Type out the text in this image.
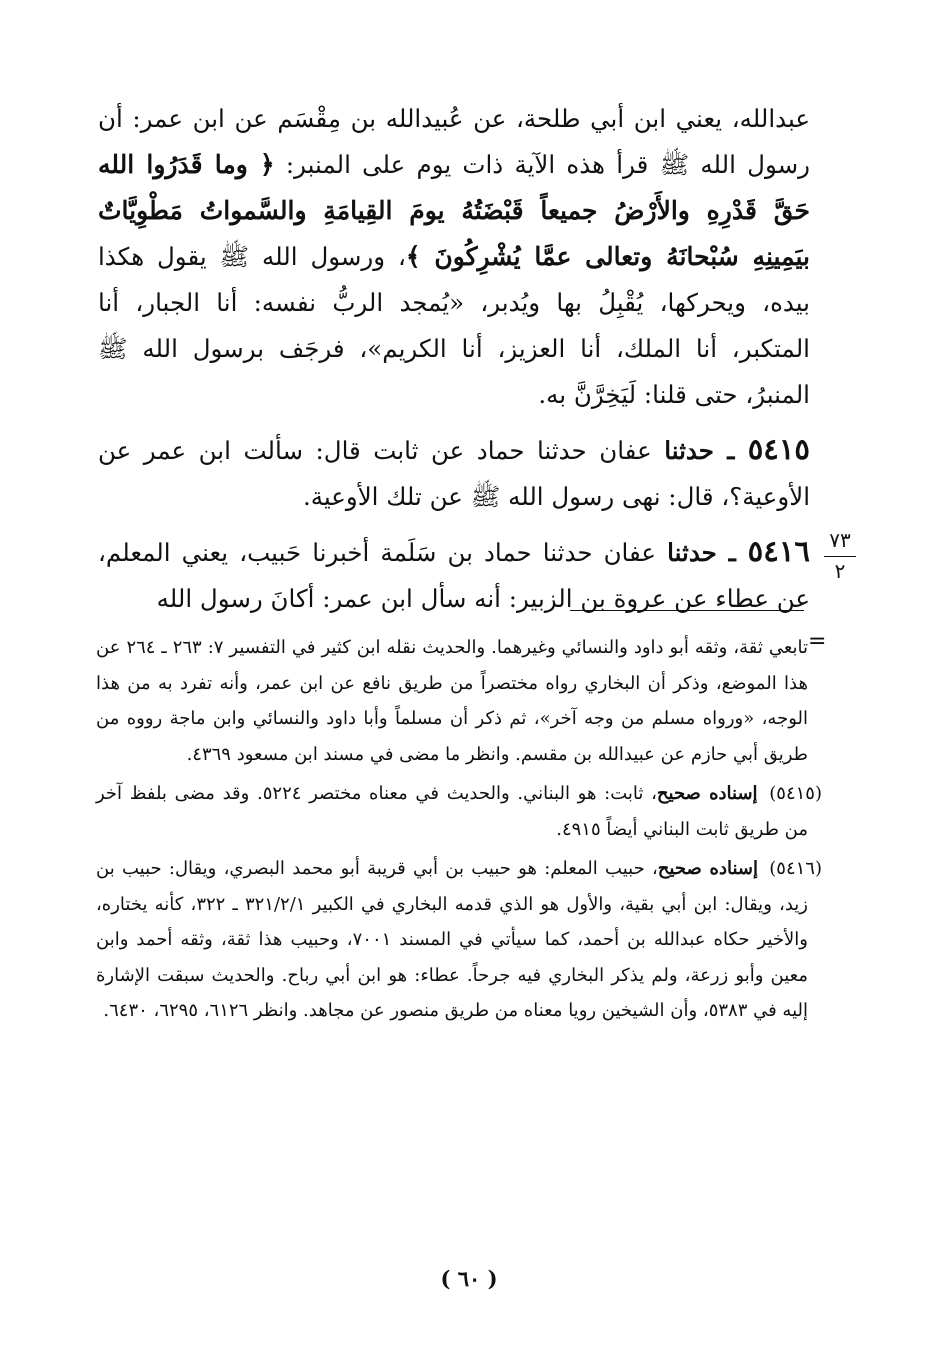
عبدالله، يعني ابن أبي طلحة، عن عُبيدالله بن مِقْسَم عن ابن عمر: أن رسول الله ﷺ قرأ هذه الآية ذات يوم على المنبر: ﴿ وما قَدَرُوا الله حَقَّ قَدْرِهِ والأَرْضُ جميعاً قَبْضَتُهُ يومَ القِيامَةِ والسَّمواتُ مَطْوِيَّاتٌ بيَمِينِهِ سُبْحانَهُ وتعالى عمَّا يُشْرِكُونَ ﴾، ورسول الله ﷺ يقول هكذا بيده، ويحركها، يُقْبِلُ بها ويُدبر، «يُمجد الربُّ نفسه: أنا الجبار، أنا المتكبر، أنا الملك، أنا العزيز، أنا الكريم»، فرجَف برسول الله ﷺ المنبرُ، حتى قلنا: لَيَخِرَّنَّ به.

٥٤١٥ ـ حدثنا عفان حدثنا حماد عن ثابت قال: سألت ابن عمر عن الأوعية؟، قال: نهى رسول الله ﷺ عن تلك الأوعية.

٥٤١٦ ـ حدثنا عفان حدثنا حماد بن سَلَمة أخبرنا حَبيب، يعني المعلم، عن عطاء عن عروة بن الزبير: أنه سأل ابن عمر: أكانَ رسول الله

٧٣
٢
=

تابعي ثقة، وثقه أبو داود والنسائي وغيرهما. والحديث نقله ابن كثير في التفسير ٧: ٢٦٣ ـ ٢٦٤ عن هذا الموضع، وذكر أن البخاري رواه مختصراً من طريق نافع عن ابن عمر، وأنه تفرد به من هذا الوجه، «ورواه مسلم من وجه آخر»، ثم ذكر أن مسلماً وأبا داود والنسائي وابن ماجة رووه من طريق أبي حازم عن عبيدالله بن مقسم. وانظر ما مضى في مسند ابن مسعود ٤٣٦٩.

(٥٤١٥) إسناده صحيح، ثابت: هو البناني. والحديث في معناه مختصر ٥٢٢٤. وقد مضى بلفظ آخر من طريق ثابت البناني أيضاً ٤٩١٥.

(٥٤١٦) إسناده صحيح، حبيب المعلم: هو حبيب بن أبي قريبة أبو محمد البصري، ويقال: حبيب بن زيد، ويقال: ابن أبي بقية، والأول هو الذي قدمه البخاري في الكبير ٣٢١/٢/١ ـ ٣٢٢، كأنه يختاره، والأخير حكاه عبدالله بن أحمد، كما سيأتي في المسند ٧٠٠١، وحبيب هذا ثقة، وثقه أحمد وابن معين وأبو زرعة، ولم يذكر البخاري فيه جرحاً. عطاء: هو ابن أبي رباح. والحديث سبقت الإشارة إليه في ٥٣٨٣، وأن الشيخين رويا معناه من طريق منصور عن مجاهد. وانظر ٦١٢٦، ٦٢٩٥، ٦٤٣٠.

( ٦٠ )
